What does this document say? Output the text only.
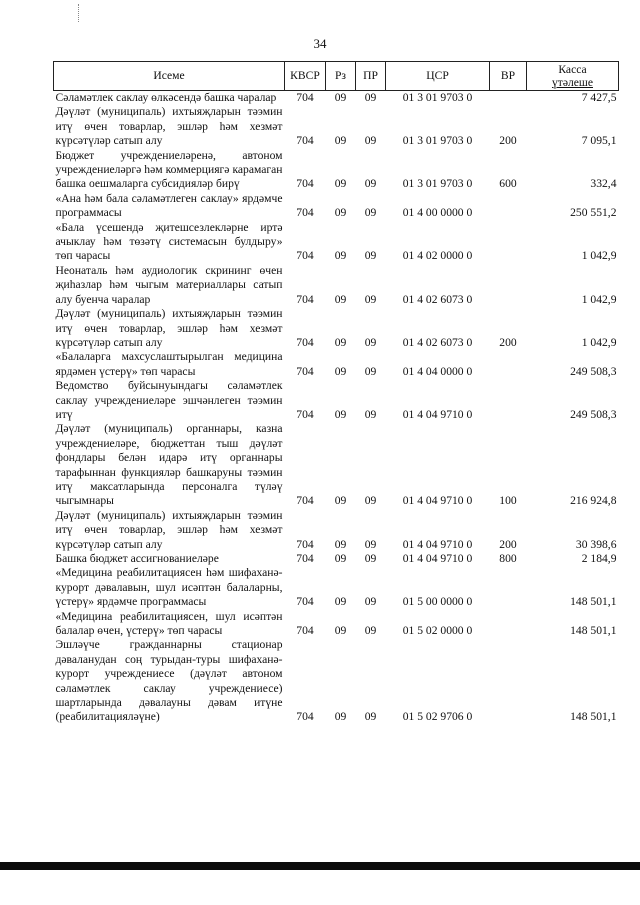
34
Исеме	КВСР	Рз	ПР	ЦСР	ВР	Касса
үтәлеше

Сәламәтлек саклау өлкәсендә башка чаралар	704	09	09	01 3 01 9703 0		7 427,5
Дәүләт (муниципаль) ихтыяҗларын тәэмин итү өчен товарлар, эшләр һәм хезмәт күрсәтүләр сатып алу	704	09	09	01 3 01 9703 0	200	7 095,1
Бюджет учреждениеләренә, автоном учреждениеләргә һәм коммерциягә карамаган башка оешмаларга субсидияләр бирү	704	09	09	01 3 01 9703 0	600	332,4
«Ана һәм бала сәламәтлеген саклау» ярдәмче программасы	704	09	09	01 4 00 0000 0		250 551,2
«Бала үсешендә җитешсезлекләрне иртә ачыклау һәм төзәтү системасын булдыру» төп чарасы	704	09	09	01 4 02 0000 0		1 042,9
Неонаталь һәм аудиологик скрининг өчен җиһазлар һәм чыгым материаллары сатып алу буенча чаралар	704	09	09	01 4 02 6073 0		1 042,9
Дәүләт (муниципаль) ихтыяҗларын тәэмин итү өчен товарлар, эшләр һәм хезмәт күрсәтүләр сатып алу	704	09	09	01 4 02 6073 0	200	1 042,9
«Балаларга махсуслаштырылган медицина ярдәмен үстерү» төп чарасы	704	09	09	01 4 04 0000 0		249 508,3
Ведомство буйсынуындагы сәламәтлек саклау учреждениеләре эшчәнлеген тәэмин итү	704	09	09	01 4 04 9710 0		249 508,3
Дәүләт (муниципаль) органнары, казна учреждениеләре, бюджеттан тыш дәүләт фондлары белән идарә итү органнары тарафыннан функцияләр башкаруны тәэмин итү максатларында персоналга түләү чыгымнары	704	09	09	01 4 04 9710 0	100	216 924,8
Дәүләт (муниципаль) ихтыяҗларын тәэмин итү өчен товарлар, эшләр һәм хезмәт күрсәтүләр сатып алу	704	09	09	01 4 04 9710 0	200	30 398,6
Башка бюджет ассигнованиеләре	704	09	09	01 4 04 9710 0	800	2 184,9
«Медицина реабилитациясен һәм шифаханә-курорт дәвалавын, шул исәптән балаларны, үстерү» ярдәмче программасы	704	09	09	01 5 00 0000 0		148 501,1
«Медицина реабилитациясен, шул исәптән балалар өчен, үстерү» төп чарасы	704	09	09	01 5 02 0000 0		148 501,1
Эшләүче гражданнарны стационар дәваланудан соң турыдан-туры шифаханә-курорт учреждениесе (дәүләт автоном сәламәтлек саклау учреждениесе) шартларында дәвалауны дәвам итүне (реабилитацияләүне)	704	09	09	01 5 02 9706 0		148 501,1
